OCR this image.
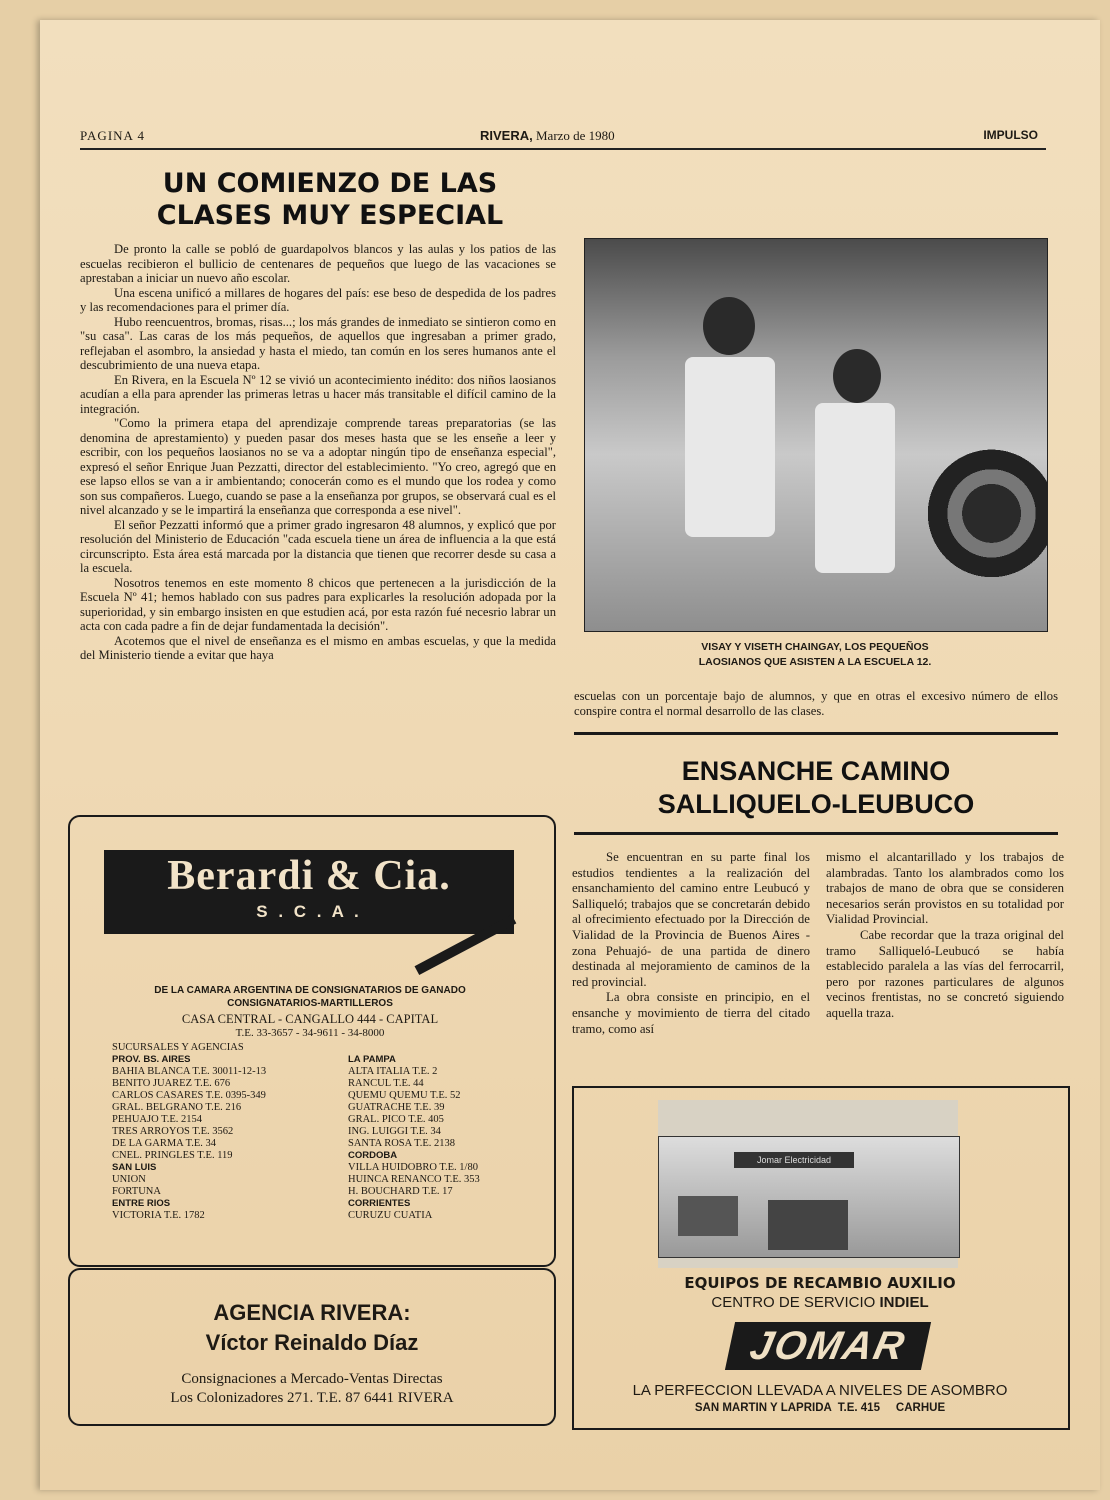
PAGINA 4	RIVERA, Marzo de 1980	IMPULSO
UN COMIENZO DE LAS
CLASES MUY ESPECIAL

De pronto la calle se pobló de guardapolvos blancos y las aulas y los patios de las escuelas recibieron el bullicio de centenares de pequeños que luego de las vacaciones se aprestaban a iniciar un nuevo año escolar.

Una escena unificó a millares de hogares del país: ese beso de despedida de los padres y las recomendaciones para el primer día.

Hubo reencuentros, bromas, risas...; los más grandes de inmediato se sintieron como en "su casa". Las caras de los más pequeños, de aquellos que ingresaban a primer grado, reflejaban el asombro, la ansiedad y hasta el miedo, tan común en los seres humanos ante el descubrimiento de una nueva etapa.

En Rivera, en la Escuela Nº 12 se vivió un acontecimiento inédito: dos niños laosianos acudían a ella para aprender las primeras letras u hacer más transitable el difícil camino de la integración.

"Como la primera etapa del aprendizaje comprende tareas preparatorias (se las denomina de aprestamiento) y pueden pasar dos meses hasta que se les enseñe a leer y escribir, con los pequeños laosianos no se va a adoptar ningún tipo de enseñanza especial", expresó el señor Enrique Juan Pezzatti, director del establecimiento. "Yo creo, agregó que en ese lapso ellos se van a ir ambientando; conocerán como es el mundo que los rodea y como son sus compañeros. Luego, cuando se pase a la enseñanza por grupos, se observará cual es el nivel alcanzado y se le impartirá la enseñanza que corresponda a ese nivel".

El señor Pezzatti informó que a primer grado ingresaron 48 alumnos, y explicó que por resolución del Ministerio de Educación "cada escuela tiene un área de influencia a la que está circunscripto. Esta área está marcada por la distancia que tienen que recorrer desde su casa a la escuela.

Nosotros tenemos en este momento 8 chicos que pertenecen a la jurisdicción de la Escuela Nº 41; hemos hablado con sus padres para explicarles la resolución adopada por la superioridad, y sin embargo insisten en que estudien acá, por esta razón fué necesrio labrar un acta con cada padre a fin de dejar fundamentada la decisión".

Acotemos que el nivel de enseñanza es el mismo en ambas escuelas, y que la medida del Ministerio tiende a evitar que haya

VISAY Y VISETH CHAINGAY, LOS PEQUEÑOS
LAOSIANOS QUE ASISTEN A LA ESCUELA 12.
escuelas con un porcentaje bajo de alumnos, y que en otras el excesivo número de ellos conspire contra el normal desarrollo de las clases.
ENSANCHE CAMINO
SALLIQUELO-LEUBUCO

Se encuentran en su parte final los estudios tendientes a la realización del ensanchamiento del camino entre Leubucó y Salliqueló; trabajos que se concretarán debido al ofrecimiento efectuado por la Dirección de Vialidad de la Provincia de Buenos Aires -zona Pehuajó- de una partida de dinero destinada al mejoramiento de caminos de la red provincial.

La obra consiste en principio, en el ensanche y movimiento de tierra del citado tramo, como así

mismo el alcantarillado y los trabajos de alambradas. Tanto los alambrados como los trabajos de mano de obra que se consideren necesarios serán provistos en su totalidad por Vialidad Provincial.

Cabe recordar que la traza original del tramo Salliqueló-Leubucó se había establecido paralela a las vías del ferrocarril, pero por razones particulares de algunos vecinos frentistas, no se concretó siguiendo aquella traza.

Berardi & Cia.
S . C . A .
DE LA CAMARA ARGENTINA DE CONSIGNATARIOS DE GANADO
CONSIGNATARIOS-MARTILLEROS
CASA CENTRAL - CANGALLO 444 - CAPITAL
T.E. 33-3657 - 34-9611 - 34-8000
SUCURSALES Y AGENCIAS
PROV. BS. AIRES
BAHIA BLANCA T.E. 30011-12-13
BENITO JUAREZ T.E. 676
CARLOS CASARES T.E. 0395-349
GRAL. BELGRANO T.E. 216
PEHUAJO T.E. 2154
TRES ARROYOS T.E. 3562
DE LA GARMA T.E. 34
CNEL. PRINGLES T.E. 119
SAN LUIS
UNION
FORTUNA
ENTRE RIOS
VICTORIA T.E. 1782
LA PAMPA
ALTA ITALIA T.E. 2
RANCUL T.E. 44
QUEMU QUEMU T.E. 52
GUATRACHE T.E. 39
GRAL. PICO T.E. 405
ING. LUIGGI T.E. 34
SANTA ROSA T.E. 2138
CORDOBA
VILLA HUIDOBRO T.E. 1/80
HUINCA RENANCO T.E. 353
H. BOUCHARD T.E. 17
CORRIENTES
CURUZU CUATIA
AGENCIA RIVERA:
Víctor Reinaldo Díaz
Consignaciones a Mercado-Ventas Directas
Los Colonizadores 271. T.E. 87 6441 RIVERA
Jomar Electricidad
EQUIPOS DE RECAMBIO AUXILIO
CENTRO DE SERVICIO INDIEL
JOMAR
LA PERFECCION LLEVADA A NIVELES DE ASOMBRO
SAN MARTIN Y LAPRIDA  T.E. 415     CARHUE
